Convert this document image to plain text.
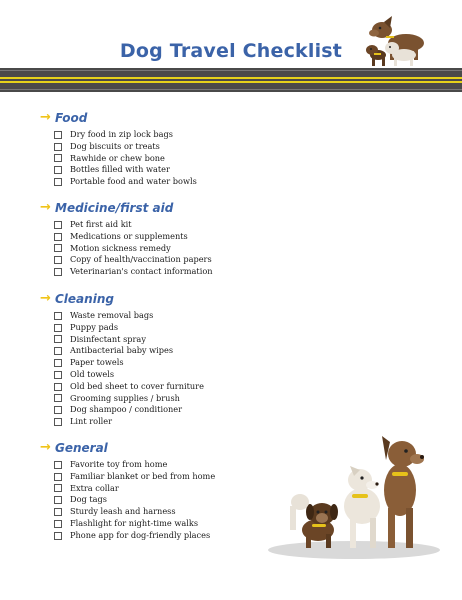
Dog Travel Checklist
→ Food
Dry food in zip lock bags
Dog biscuits or treats
Rawhide or chew bone
Bottles filled with water
Portable food and water bowls
→ Medicine/first aid
Pet first aid kit
Medications or supplements
Motion sickness remedy
Copy of health/vaccination papers
Veterinarian's contact information
→ Cleaning
Waste removal bags
Puppy pads
Disinfectant spray
Antibacterial baby wipes
Paper towels
Old towels
Old bed sheet to cover furniture
Grooming supplies / brush
Dog shampoo / conditioner
Lint roller
→ General
Favorite toy from home
Familiar blanket or bed from home
Extra collar
Dog tags
Sturdy leash and harness
Flashlight for night-time walks
Phone app for dog-friendly places
